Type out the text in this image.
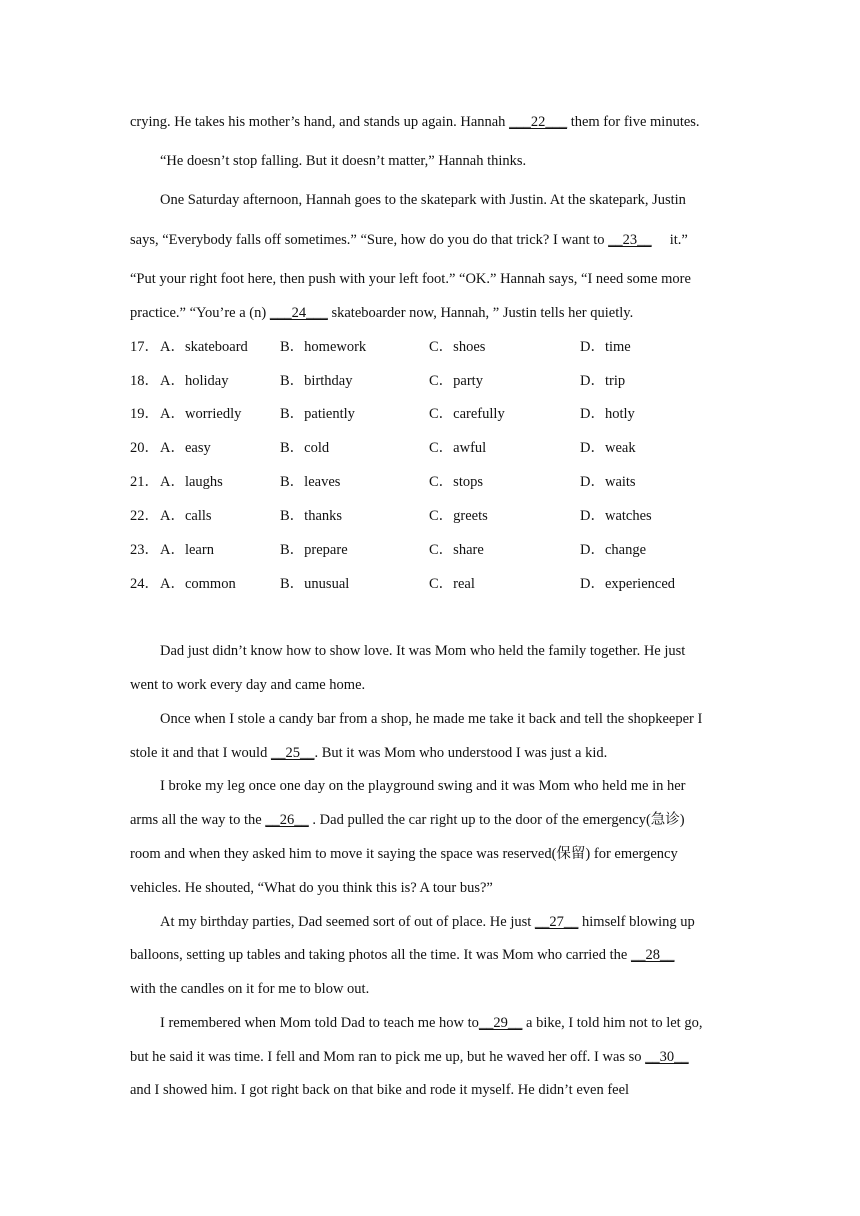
crying. He takes his mother’s hand, and stands up again. Hannah ___22___ them for five minutes.
“He doesn’t stop falling. But it doesn’t matter,” Hannah thinks.
One Saturday afternoon, Hannah goes to the skatepark with Justin. At the skatepark, Justin
says, “Everybody falls off sometimes.” “Sure, how do you do that trick? I want to __23__     it.”
“Put your right foot here, then push with your left foot.” “OK.” Hannah says, “I need some more
practice.” “You’re a (n) ___24___ skateboarder now, Hannah, ” Justin tells her quietly.
17． A．skateboard B．homework	C．shoes	D．time
18． A．holiday	B．birthday	C．party	D．trip
19． A．worriedly	B．patiently	C．carefully	D．hotly
20． A．easy	B．cold	C．awful	D．weak
21． A．laughs	B．leaves	C．stops	D．waits
22． A．calls	B．thanks	C．greets	D．watches
23． A．learn	B．prepare	C．share	D．change
24． A．common	B．unusual	C．real	D．experienced
Dad just didn’t know how to show love. It was Mom who held the family together. He just
went to work every day and came home.
Once when I stole a candy bar from a shop, he made me take it back and tell the shopkeeper I
stole it and that I would __25__. But it was Mom who understood I was just a kid.
I broke my leg once one day on the playground swing and it was Mom who held me in her
arms all the way to the __26__ . Dad pulled the car right up to the door of the emergency(急诊)
room and when they asked him to move it saying the space was reserved(保留) for emergency
vehicles. He shouted, “What do you think this is? A tour bus?”
At my birthday parties, Dad seemed sort of out of place. He just __27__ himself blowing up
balloons, setting up tables and taking photos all the time. It was Mom who carried the __28__
with the candles on it for me to blow out.
I remembered when Mom told Dad to teach me how to__29__ a bike, I told him not to let go,
but he said it was time. I fell and Mom ran to pick me up, but he waved her off. I was so __30__
and I showed him. I got right back on that bike and rode it myself. He didn’t even feel
